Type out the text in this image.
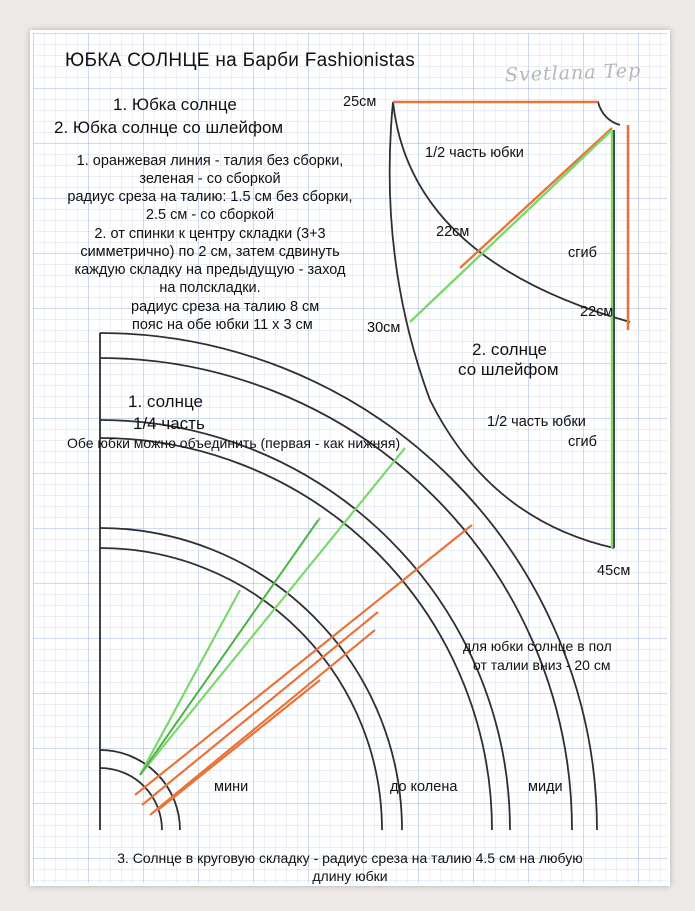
ЮБКА СОЛНЦЕ на Барби Fashionistas	Svetlana Tep
1. Юбка солнце
2. Юбка солнце со шлейфом
1. оранжевая линия - талия без сборки,
зеленая - со сборкой
радиус среза на талию: 1.5 см без сборки,
2.5 см - со сборкой
2. от спинки к центру складки (3+3
симметрично) по 2 см, затем сдвинуть
каждую складку на предыдущую - заход
на полскладки.
радиус среза на талию 8 см
пояс на обе юбки 11 х 3 см
25см
1/2 часть юбки
22см
сгиб
22см
30см
2. солнце
со шлейфом
1/2 часть юбки
сгиб
45см
1. солнце
1/4 часть
Обе юбки можно объединить (первая - как нижняя)
для юбки солнце в пол
от талии вниз - 20 см
мини	до колена	миди
3. Солнце в круговую складку - радиус среза на талию 4.5 см на любую
длину юбки
